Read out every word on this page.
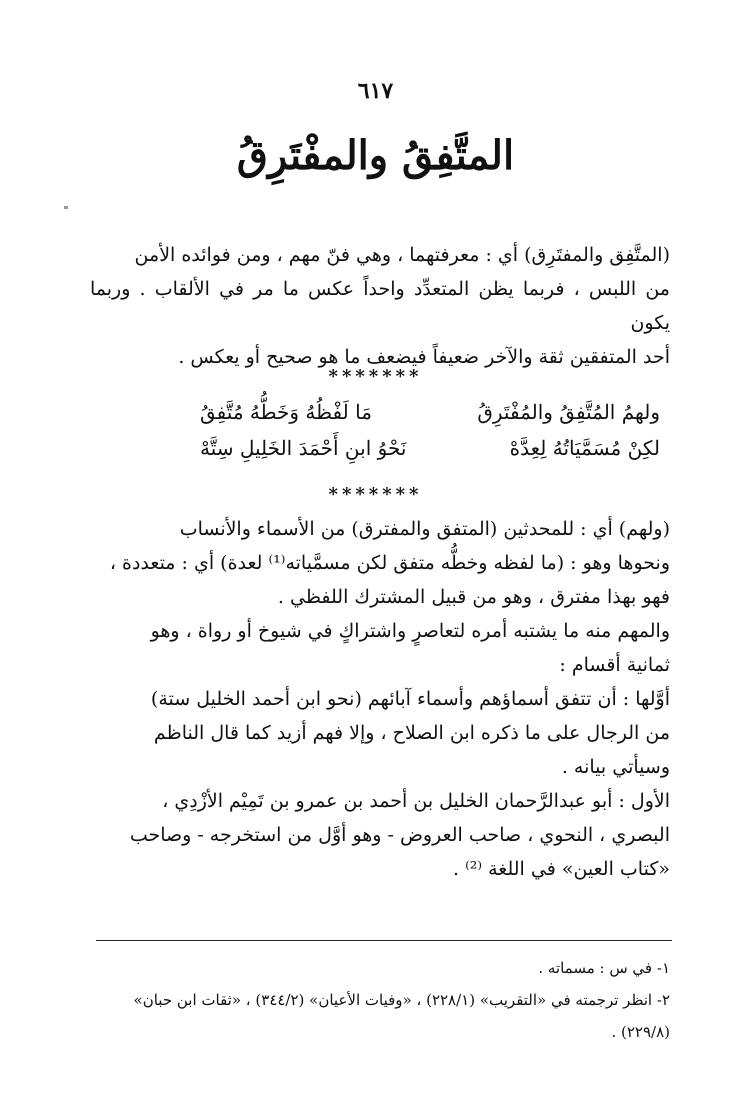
٦١٧
المتَّفِقُ والمفْتَرِقُ

(المتَّفِق والمفتَرِق) أي : معرفتهما ، وهي فنّ مهم ، ومن فوائده الأمن

من اللبس ، فربما يظن المتعدِّد واحداً عكس ما مر في الألقاب . وربما يكون

أحد المتفقين ثقة والآخر ضعيفاً فيضعف ما هو صحيح أو يعكس .

*******
ولهمُ المُتَّفِقُ والمُفْتَرِقُ
مَا لَفْظُهُ وَخَطُّهُ مُتَّفِقُ
لكِنْ مُسَمَّيَاتُهُ لِعِدَّهْ
نَحْوُ ابنِ أَحْمَدَ الخَلِيلِ سِتَّهْ
*******

(ولهم) أي : للمحدثين (المتفق والمفترق) من الأسماء والأنساب

ونحوها وهو : (ما لفظه وخطُّه متفق لكن مسمَّياته⁽¹⁾ لعدة) أي : متعددة ،

فهو بهذا مفترق ، وهو من قبيل المشترك اللفظي .

والمهم منه ما يشتبه أمره لتعاصرٍ واشتراكٍ في شيوخ أو رواة ، وهو

ثمانية أقسام :

أوَّلها : أن تتفق أسماؤهم وأسماء آبائهم (نحو ابن أحمد الخليل ستة)

من الرجال على ما ذكره ابن الصلاح ، وإلا فهم أزيد كما قال الناظم

وسيأتي بيانه .

الأول : أبو عبدالرَّحمان الخليل بن أحمد بن عمرو بن تَمِيْم الأزْدِي ،

البصري ، النحوي ، صاحب العروض - وهو أوَّل من استخرجه - وصاحب

«كتاب العين» في اللغة ⁽²⁾ .

١- في س : مسماته .

٢- انظر ترجمته في «التقريب» (٢٢٨/١) ، «وفيات الأعيان» (٣٤٤/٢) ، «ثقات ابن حبان»

(٢٢٩/٨) .
